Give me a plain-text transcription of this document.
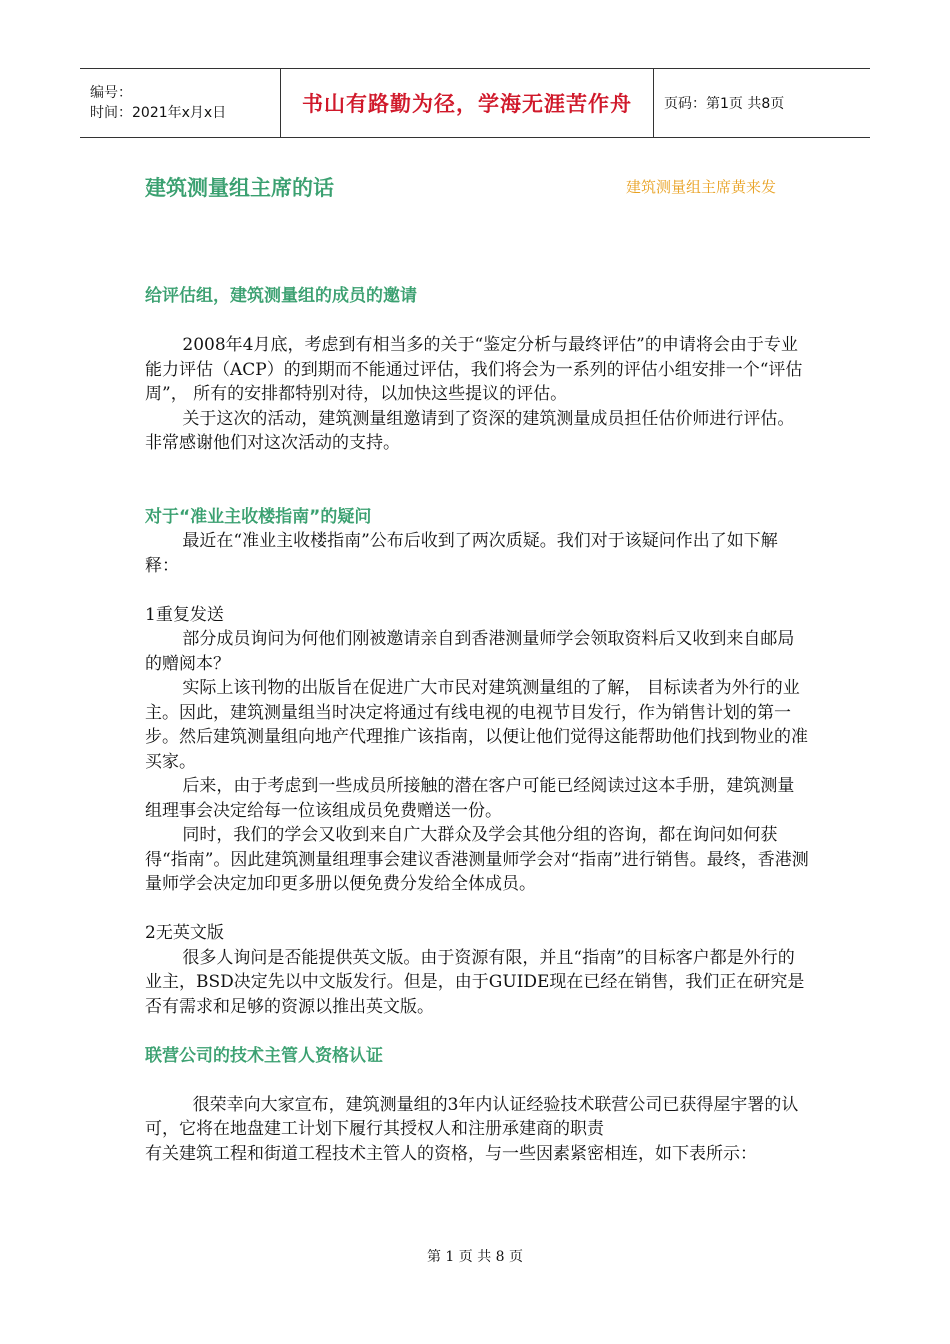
编号：
时间：2021年x月x日	书山有路勤为径，学海无涯苦作舟 页码：第1页 共8页
建筑测量组主席的话	建筑测量组主席黄来发

给评估组，建筑测量组的成员的邀请

2008年4月底，考虑到有相当多的关于“鉴定分析与最终评估”的申请将会由于专业能力评估（ACP）的到期而不能通过评估，我们将会为一系列的评估小组安排一个“评估周”， 所有的安排都特别对待，以加快这些提议的评估。

关于这次的活动，建筑测量组邀请到了资深的建筑测量成员担任估价师进行评估。非常感谢他们对这次活动的支持。

对于“准业主收楼指南”的疑问

最近在“准业主收楼指南”公布后收到了两次质疑。我们对于该疑问作出了如下解释：

1重复发送

部分成员询问为何他们刚被邀请亲自到香港测量师学会领取资料后又收到来自邮局的赠阅本？

实际上该刊物的出版旨在促进广大市民对建筑测量组的了解， 目标读者为外行的业主。因此，建筑测量组当时决定将通过有线电视的电视节目发行，作为销售计划的第一步。然后建筑测量组向地产代理推广该指南，以便让他们觉得这能帮助他们找到物业的准买家。

后来，由于考虑到一些成员所接触的潜在客户可能已经阅读过这本手册，建筑测量组理事会决定给每一位该组成员免费赠送一份。

同时，我们的学会又收到来自广大群众及学会其他分组的咨询，都在询问如何获得“指南”。因此建筑测量组理事会建议香港测量师学会对“指南”进行销售。最终，香港测量师学会决定加印更多册以便免费分发给全体成员。

2无英文版

很多人询问是否能提供英文版。由于资源有限，并且“指南”的目标客户都是外行的业主，BSD决定先以中文版发行。但是，由于GUIDE现在已经在销售，我们正在研究是否有需求和足够的资源以推出英文版。

联营公司的技术主管人资格认证

很荣幸向大家宣布，建筑测量组的3年内认证经验技术联营公司已获得屋宇署的认可，它将在地盘建工计划下履行其授权人和注册承建商的职责

有关建筑工程和街道工程技术主管人的资格，与一些因素紧密相连，如下表所示：

第 1 页 共 8 页
